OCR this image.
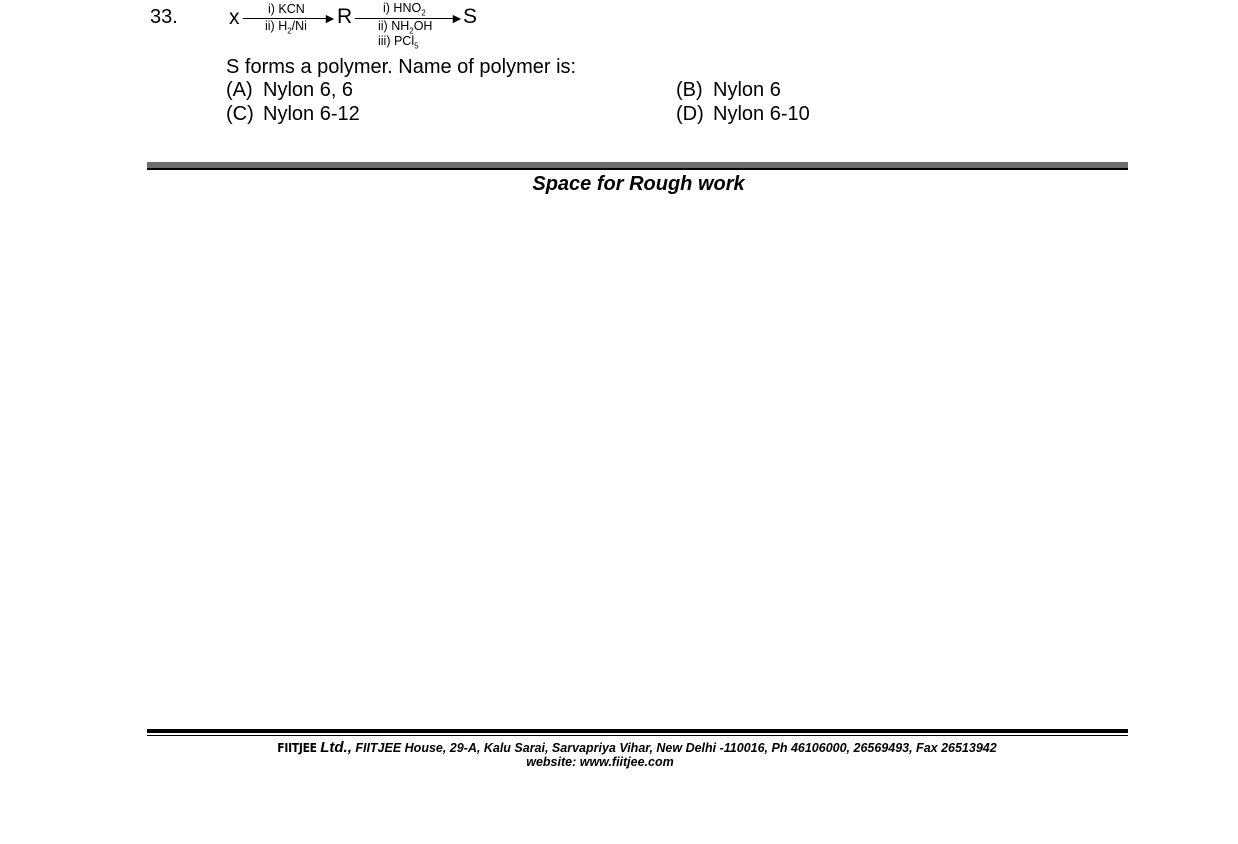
33. x	►
i) KCN
ii) $H_2/Ni$ R	►
i) $HNO_2$
ii) $NH_2OH$
iii) PCl$_5$
S
S forms a polymer. Name of polymer is:
(A) Nylon 6, 6	(B) Nylon 6
(C) Nylon 6-12	(D) Nylon 6-10
Space for Rough work
FIITJEE Ltd., FIITJEE House, 29-A, Kalu Sarai, Sarvapriya Vihar, New Delhi -110016, Ph 46106000, 26569493, Fax 26513942
website: www.fiitjee.com
